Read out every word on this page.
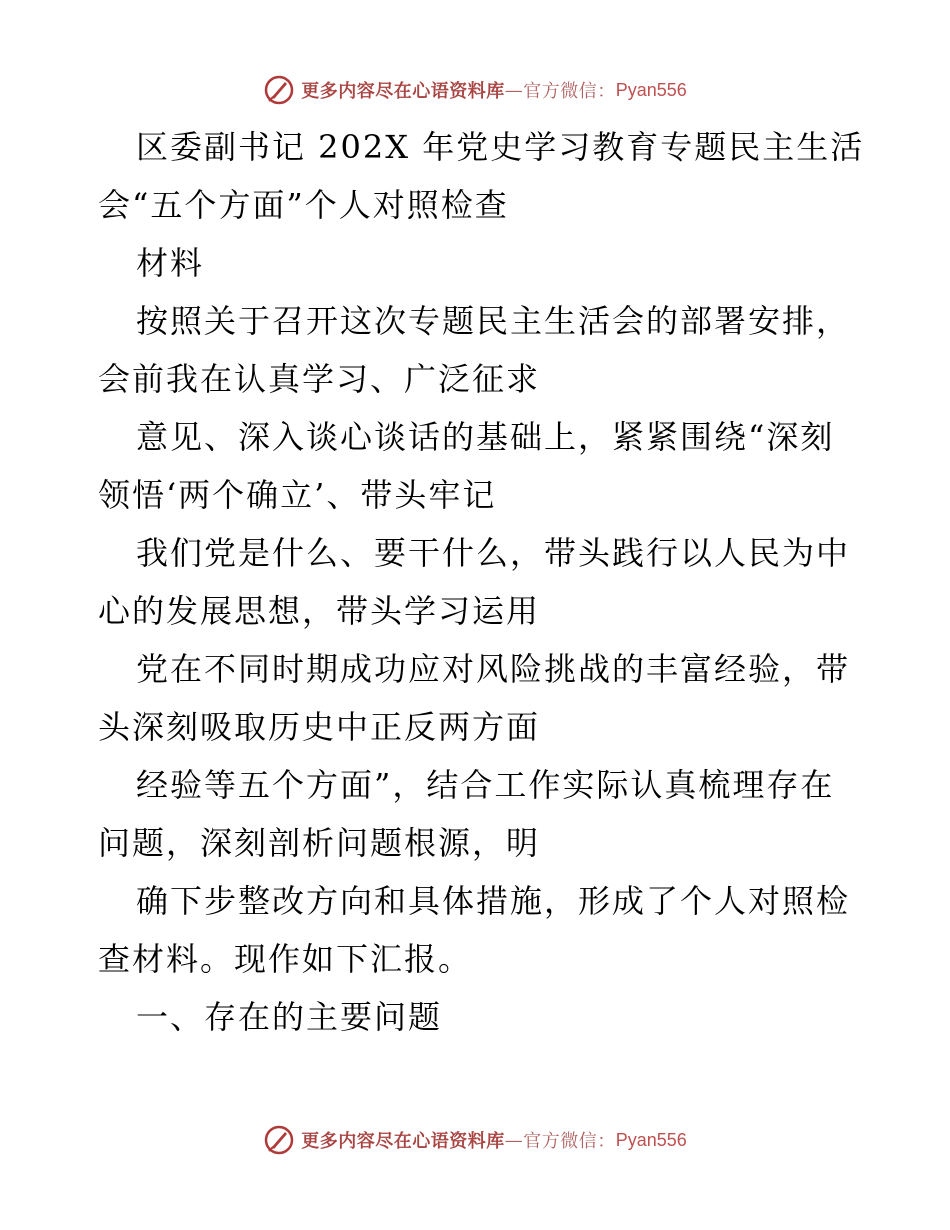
更多内容尽在心语资料库 — 官方微信： Pyan556
区委副书记 202X 年党史学习教育专题民主生活
会“五个方面”个人对照检查
材料
按照关于召开这次专题民主生活会的部署安排，
会前我在认真学习、广泛征求
意见、深入谈心谈话的基础上，紧紧围绕“深刻
领悟‘两个确立’、带头牢记
我们党是什么、要干什么，带头践行以人民为中
心的发展思想，带头学习运用
党在不同时期成功应对风险挑战的丰富经验，带
头深刻吸取历史中正反两方面
经验等五个方面”，结合工作实际认真梳理存在
问题，深刻剖析问题根源，明
确下步整改方向和具体措施，形成了个人对照检
查材料。现作如下汇报。
一、存在的主要问题
更多内容尽在心语资料库 — 官方微信： Pyan556
